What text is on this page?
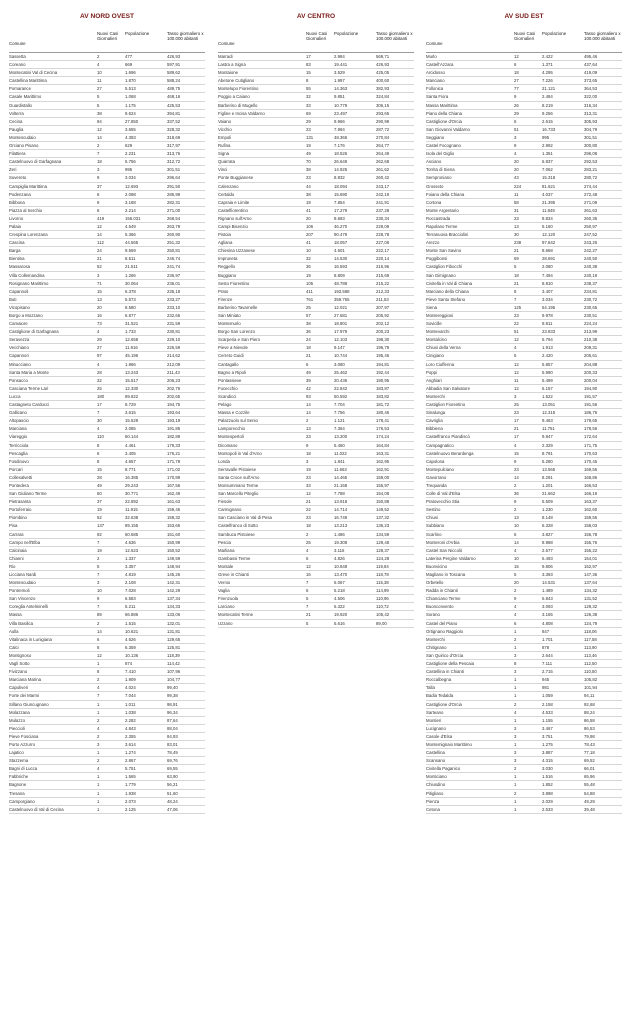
AV NORD OVEST
Comune
Nuovi Casi Giornalieri
Popolazione	Tasso giornaliero x 100.000 abitanti
Sassetta	2	477	426,93
Coreano	4	669	597,91
Montecatini Val di Cecina	10	1.696	589,62
Castellina Marittima	11	1.870	588,24
Pomarance	27	5.513	489,75
Casale Marittimo	5	1.068	468,16
Guardistallo	5	1.175	425,53
Volterra	38	9.624	394,81
Cecina	94	27.850	337,52
Pauglia	12	3.655	328,32
Montescudaio	14	4.393	318,69
Orciano Pisano	2	629	317,97
Filattiera	7	2.231	313,76
Castelnuovo di Garfagnana	18	5.756	312,72
Zeri	3	995	301,51
Suvereto	9	3.034	296,64
Campiglia Marittima	37	12.693	291,50
Podenzana	6	2.098	285,99
Bibbona	9	3.188	282,31
Piazza al Serchio	6	2.214	271,00
Livorno	419	156.031	268,54
Palaia	12	4.549	263,79
Crespina Lorenzana	14	5.366	260,90
Cascina	112	44.565	251,32
Barga	24	9.569	250,81
Bientina	21	8.511	246,74
Massarosa	52	21.511	241,74
Villa Collemandina	3	1.266	236,97
Rosignano Marittimo	71	30.064	236,01
Capannoli	15	6.378	235,18
Buti	13	5.573	233,27
Vicopisano	20	8.580	233,10
Borgo a Mozzano	16	6.877	232,66
Camaiore	73	31.521	231,59
Castiglione di Garfagnana	4	1.733	230,81
Seravezza	29	12.658	229,10
Vecchiano	27	11.916	226,59
Capannori	97	45.196	214,62
Minucciano	4	1.866	212,09
Santa Maria a Monte	28	13.243	211,43
Ponsacco	32	15.517	206,23
Casciana Terme Lari	25	12.330	202,76
Lucca	180	89.822	202,65
Castagneto Carducci	17	8.729	194,75
Gallicano	7	3.615	193,64
Altopascio	30	15.529	193,19
Marciana	4	2.085	191,85
Viareggio	110	60.144	182,89
Terricciola	8	4.461	179,33
Pescaglia	6	3.405	176,21
Fosdinovo	8	4.657	171,78
Porcari	15	8.771	171,02
Collesalvetti	28	16.385	170,89
Pontedera	49	29.243	167,56
San Giuliano Terme	50	30.771	162,49
Pietrasanta	37	22.892	161,63
Portoferraio	19	11.915	159,46
Piombino	52	32.638	159,32
Pisa	137	89.155	153,66
Carrara	92	60.685	151,60
Campo nell'Elba	7	4.636	150,99
Calcinaia	19	12.623	150,52
Chianni	2	1.337	149,59
Rio	5	3.357	148,94
Licciana Nardi	7	4.819	145,26
Montescudaio	3	2.108	142,31
Pontremoli	10	7.028	142,29
San Vincenzo	9	6.583	137,34
Coreglia Antelminelli	7	5.211	134,33
Massa	89	66.886	133,06
Villa Basilica	2	1.515	132,01
Aulla	14	10.621	131,81
Vitalinaca in Lunigiana	6	4.626	129,65
Calci	8	6.359	125,81
Montignoso	12	10.136	118,39
Vagli Sotto	1	874	114,42
Fivizzano	8	7.410	107,96
Marciana Marina	2	1.909	104,77
Capoliveri	4	4.024	99,40
Forte dei Marmi	7	7.044	99,38
Sillano Giuncugnano	1	1.011	98,91
Molazzana	1	1.038	96,34
Mulazzo	2	2.282	87,64
Pieccioli	4	4.843	88,04
Pieve Fosciana	2	2.355	84,93
Porto Azzurro	3	3.614	83,01
Lajatico	1	1.274	78,49
Stazzema	2	2.867	69,76
Bagni di Lucca	4	5.751	69,55
Fabbriche	1	1.565	63,90
Bagnone	1	1.779	56,21
Tresana	1	1.938	51,60
Camporgiano	1	2.073	48,24
Castelnuovo di Val di Cecina	1	2.125	47,06
AV CENTRO
Comune
Nuovi Casi Giornalieri
Popolazione	Tasso giornaliero x 100.000 abitanti
Marradi	17	2.984	569,71
Lastra a Signa	83	19.441	426,93
Montaione	15	3.529	425,05
Abetone Cutigliano	8	1.997	400,60
Montelupo Fiorentino	55	14.363	382,93
Poggio a Caiano	32	9.851	324,84
Barberino di Mugello	33	10.779	306,15
Figline e Incisa Valdarno	69	23.497	293,65
Vaiano	29	9.966	290,99
Vicchio	23	7.994	287,72
Empoli	131	48.366	270,84
Rufina	19	7.176	264,77
Signa	49	18.526	264,49
Quarrata	70	26.649	262,68
Vinci	38	14.925	261,62
Ponte Buggianese	23	8.832	260,42
Calenzano	44	18.094	243,17
Certaldo	38	15.690	242,19
Capraia e Limite	19	7.854	241,91
Castelfiorentino	41	17.279	237,28
Rignano sull'Arno	20	8.683	230,34
Campi Bisenzio	106	46.270	229,09
Pistoia	207	90.479	228,78
Agliana	41	18.057	227,06
Chiesina Uzzanese	10	4.501	222,17
Impruneta	32	14.530	220,14
Reggello	36	16.593	216,96
Buggiano	19	8.809	215,69
Sesto Fiorentino	105	48.788	215,22
Prato	411	193.588	212,33
Firenze	761	359.755	211,53
Barberino Tavarnelle	25	12.021	207,97
San Miniato	57	27.681	205,92
Montemurlo	38	18.801	202,12
Borgo San Lorenzo	36	17.979	200,23
Scarperia e San Piero	24	12.103	198,30
Pieve a Nievole	18	9.147	196,79
Cerreto Guidi	21	10.744	195,46
Cantagallo	6	3.080	194,81
Bagno a Ripoli	49	25.462	192,44
Pontassieve	39	20.436	190,95
Fucecchio	42	22.842	183,87
Scandicci	93	50.592	183,82
Pelago	14	7.704	181,72
Massa e Cozzile	14	7.756	180,46
Palazzuolo sul Senio	2	1.121	178,41
Lamporecchio	13	7.364	176,53
Montespertoli	23	13.200	174,24
Dicomano	9	5.460	164,84
Montopoli in Val d'Arno	18	11.022	163,31
Londa	3	1.841	162,95
Serravalle Pistoiese	19	11.663	162,91
Santa Croce sull'Arno	23	14.465	159,00
Monsummano Terme	33	21.158	155,97
San Marcello Piteglio	12	7.788	154,08
Fiesole	21	13.918	150,88
Carmignano	22	14.714	149,52
San Casciano in Val di Pesa	23	16.749	137,32
Castelfranco di Sotto	18	13.213	136,23
Sambuca Pistoiese	2	1.486	134,59
Pescia	25	19.308	129,48
Marliana	4	3.116	128,37
Gambassi Terme	6	4.826	124,28
Montale	12	10.848	119,84
Greve in Chianti	16	13.470	118,78
Vernio	7	6.067	115,38
Vaglia	6	5.218	114,99
Firenzuola	5	4.506	110,96
Larciano	7	6.322	110,72
Montecatini Terme	21	19.920	105,42
Uzzano	5	5.616	89,00
AV SUD EST
Comune
Nuovi Casi Giornalieri
Popolazione	Tasso giornaliero x 100.000 abitanti
Murlo	12	2.422	495,46
Castell'Azzara	6	1.371	437,64
Arcidosso	18	4.295	419,09
Manciano	27	7.226	373,65
Follonica	77	21.121	364,53
Santa Fiora	9	2.484	322,00
Massa Marittima	26	8.219	316,34
Piano della Chiana	29	9.256	313,31
Castiglione d'Orcia	6	2.615	305,93
San Giovanni Valdarno	51	16.733	304,79
Seggiano	3	995	301,51
Castel Focognano	9	2.992	300,80
Isola del Giglio	4	1.351	296,08
Asciano	20	6.837	292,53
Torrita di Siena	20	7.062	283,21
Semproniano	43	15.318	280,72
Grosseto	224	81.621	274,44
Foiano della Chiana	11	4.037	272,48
Cortona	58	21.395	271,09
Monte Argentario	31	11.849	261,63
Roccastrada	23	8.834	260,35
Rapolano Terme	13	5.160	250,97
Terranuova Bracciolini	30	12.120	247,52
Arezzo	238	97.842	243,25
Monte San Savino	21	8.668	242,27
Poggibonsi	69	28.691	240,50
Castiglion Fibocchi	5	2.080	240,38
San Gimignano	18	7.494	240,19
Civitella in Val di Chiana	21	8.810	238,37
Marciano della Chiana	8	3.407	234,81
Pieve Santo Stefano	7	3.034	230,72
Siena	125	54.195	230,65
Montereggioni	23	9.978	230,51
Sovicille	22	9.811	224,24
Montevarchi	51	23.833	213,99
Montalcino	12	5.794	210,38
Chiusi della Verna	4	1.913	209,31
Cinigiano	5	2.420	206,61
Loro Ciuffenna	12	5.857	204,88
Poppi	12	5.990	200,33
Anghiari	11	5.499	200,04
Abbadia San Salvatore	12	6.157	194,90
Monterchi	3	1.522	191,57
Castiglion Fiorentino	25	13.051	191,56
Sinalunga	23	12.315	186,76
Cavriglia	17	9.463	179,65
Bibbiena	21	11.751	178,56
Castelfranco Piandiscò	17	9.847	172,64
Campagnatico	4	2.329	171,75
Castelnuovo Berardenga	15	8.791	170,63
Capolona	9	5.280	170,45
Montepulciano	23	13.565	169,55
Gavorrano	14	8.291	168,86
Trequanda	2	1.201	166,53
Colle di Val d'Elsa	36	21.662	166,19
Pratovecchio Stia	9	5.509	163,37
Sestino	2	1.230	162,60
Chiusi	13	8.148	159,55
Subbiano	10	6.328	158,03
Scarlino	6	3.827	156,78
Monteroni d'Arbia	14	8.988	155,76
Castel San Niccolò	4	2.577	155,22
Laterina Pergine Valdarno	10	6.493	154,01
Buonvicino	15	9.806	152,97
Magliano in Toscana	5	3.393	147,36
Orbetello	20	14.531	137,64
Radda in Chianti	2	1.489	134,32
Chianciano Terme	9	6.843	131,52
Buonconvento	4	3.093	129,32
Sorano	4	3.165	126,38
Castel del Piano	6	4.808	124,79
Ortignano Raggiolo	1	847	118,06
Monterchi	2	1.701	117,58
Chitignano	1	878	113,90
San Quirico d'Orcia	3	2.644	113,46
Castiglione della Pescaia	8	7.111	112,50
Castellina in Chianti	3	2.715	110,50
Roccalbegna	1	945	105,82
Talla	1	981	101,94
Badia Tedalda	1	1.059	94,11
Castiglione d'Orcia	2	2.158	92,68
Sarteano	4	4.533	88,24
Montieri	1	1.155	86,58
Lucignano	3	3.467	86,53
Casole d'Elsa	3	3.751	79,98
Montemignaio Marittimo	1	1.275	78,43
Castellina	3	3.887	77,18
Scansano	3	4.315	69,52
Civitella Paganico	2	3.030	66,01
Monticiano	1	1.516	65,96
Chiusdino	1	1.852	55,48
Pitigliano	2	3.898	54,88
Pienza	1	2.029	49,29
Cetona	1	2.533	39,48
